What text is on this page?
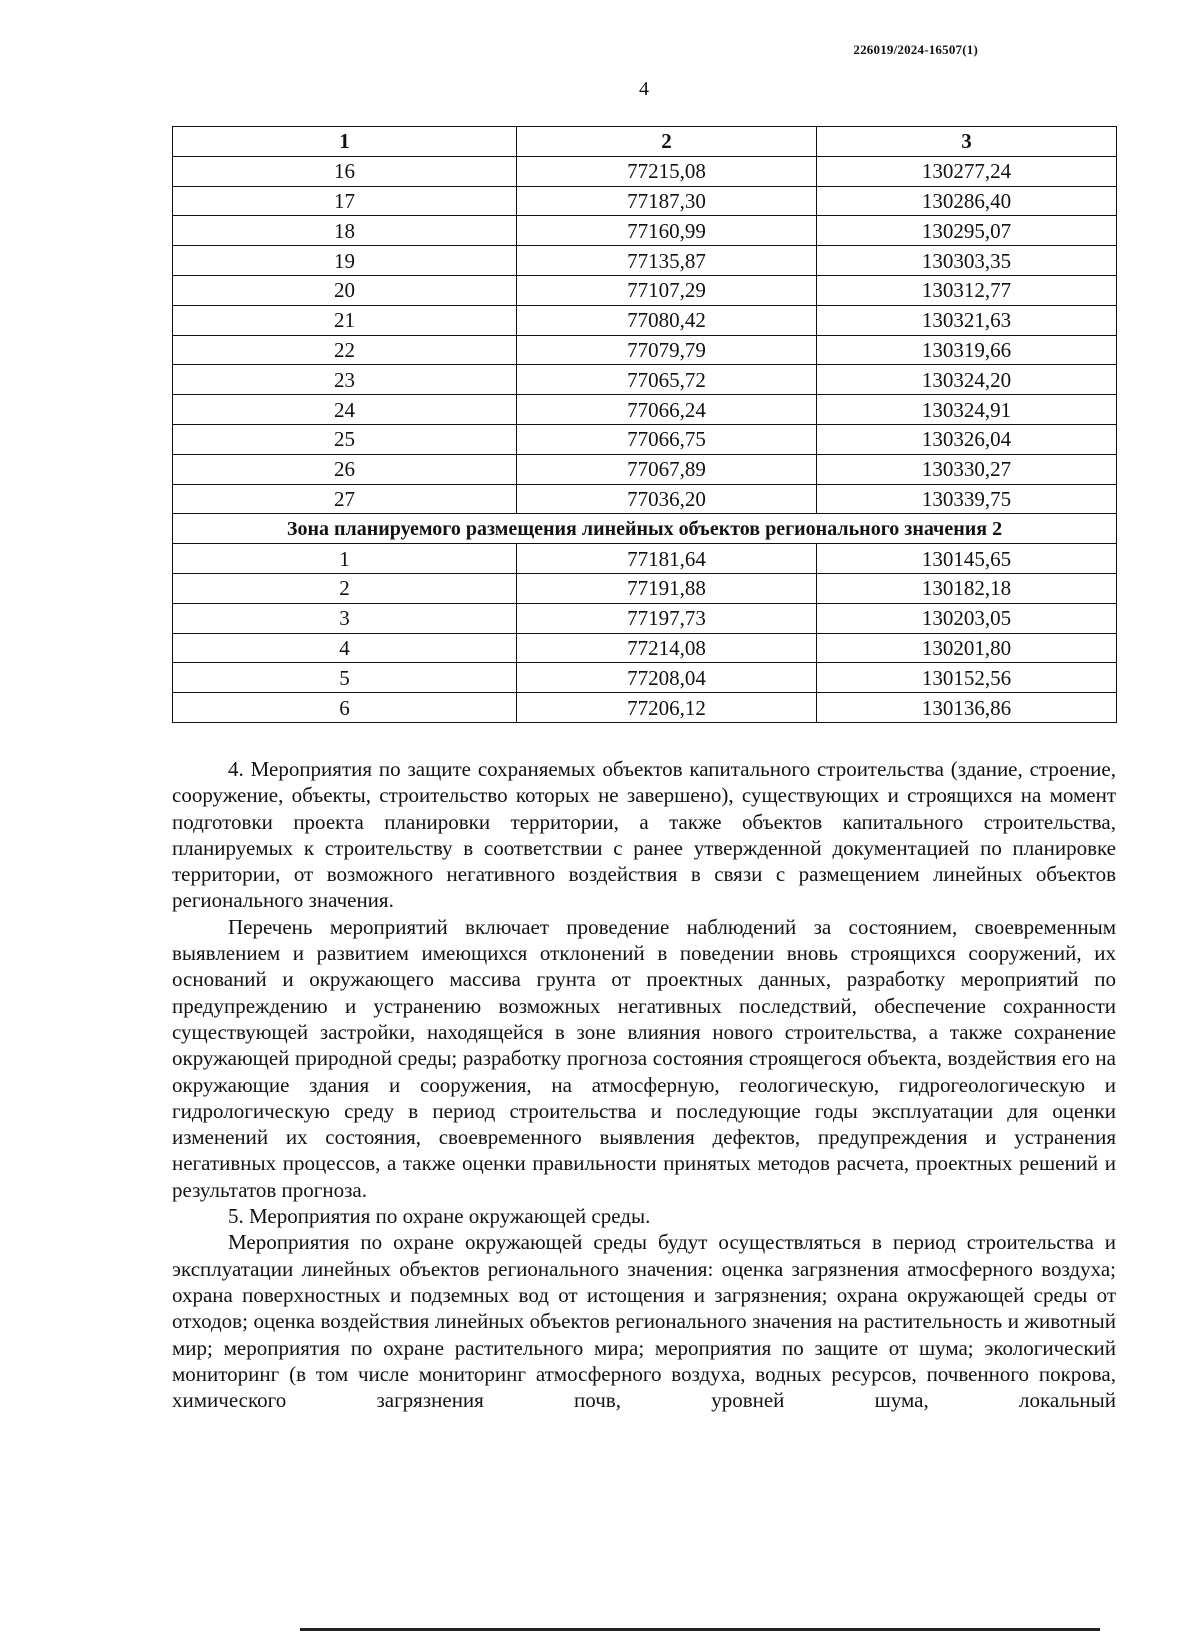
226019/2024-16507(1)
4
1	2	3
16	77215,08	130277,24
17	77187,30	130286,40
18	77160,99	130295,07
19	77135,87	130303,35
20	77107,29	130312,77
21	77080,42	130321,63
22	77079,79	130319,66
23	77065,72	130324,20
24	77066,24	130324,91
25	77066,75	130326,04
26	77067,89	130330,27
27	77036,20	130339,75
Зона планируемого размещения линейных объектов регионального значения 2		
1	77181,64	130145,65
2	77191,88	130182,18
3	77197,73	130203,05
4	77214,08	130201,80
5	77208,04	130152,56
6	77206,12	130136,86

4. Мероприятия по защите сохраняемых объектов капитального строительства (здание, строение, сооружение, объекты, строительство которых не завершено), существующих и строящихся на момент подготовки проекта планировки территории, а также объектов капитального строительства, планируемых к строительству в соответствии с ранее утвержденной документацией по планировке территории, от возможного негативного воздействия в связи с размещением линейных объектов регионального значения.

Перечень мероприятий включает проведение наблюдений за состоянием, своевременным выявлением и развитием имеющихся отклонений в поведении вновь строящихся сооружений, их оснований и окружающего массива грунта от проектных данных, разработку мероприятий по предупреждению и устранению возможных негативных последствий, обеспечение сохранности существующей застройки, находящейся в зоне влияния нового строительства, а также сохранение окружающей природной среды; разработку прогноза состояния строящегося объекта, воздействия его на окружающие здания и сооружения, на атмосферную, геологическую, гидрогеологическую и гидрологическую среду в период строительства и последующие годы эксплуатации для оценки изменений их состояния, своевременного выявления дефектов, предупреждения и устранения негативных процессов, а также оценки правильности принятых методов расчета, проектных решений и результатов прогноза.

5. Мероприятия по охране окружающей среды.

Мероприятия по охране окружающей среды будут осуществляться в период строительства и эксплуатации линейных объектов регионального значения: оценка загрязнения атмосферного воздуха; охрана поверхностных и подземных вод от истощения и загрязнения; охрана окружающей среды от отходов; оценка воздействия линейных объектов регионального значения на растительность и животный мир; мероприятия по охране растительного мира; мероприятия по защите от шума; экологический мониторинг (в том числе мониторинг атмосферного воздуха, водных ресурсов, почвенного покрова, химического загрязнения почв, уровней шума, локальный
